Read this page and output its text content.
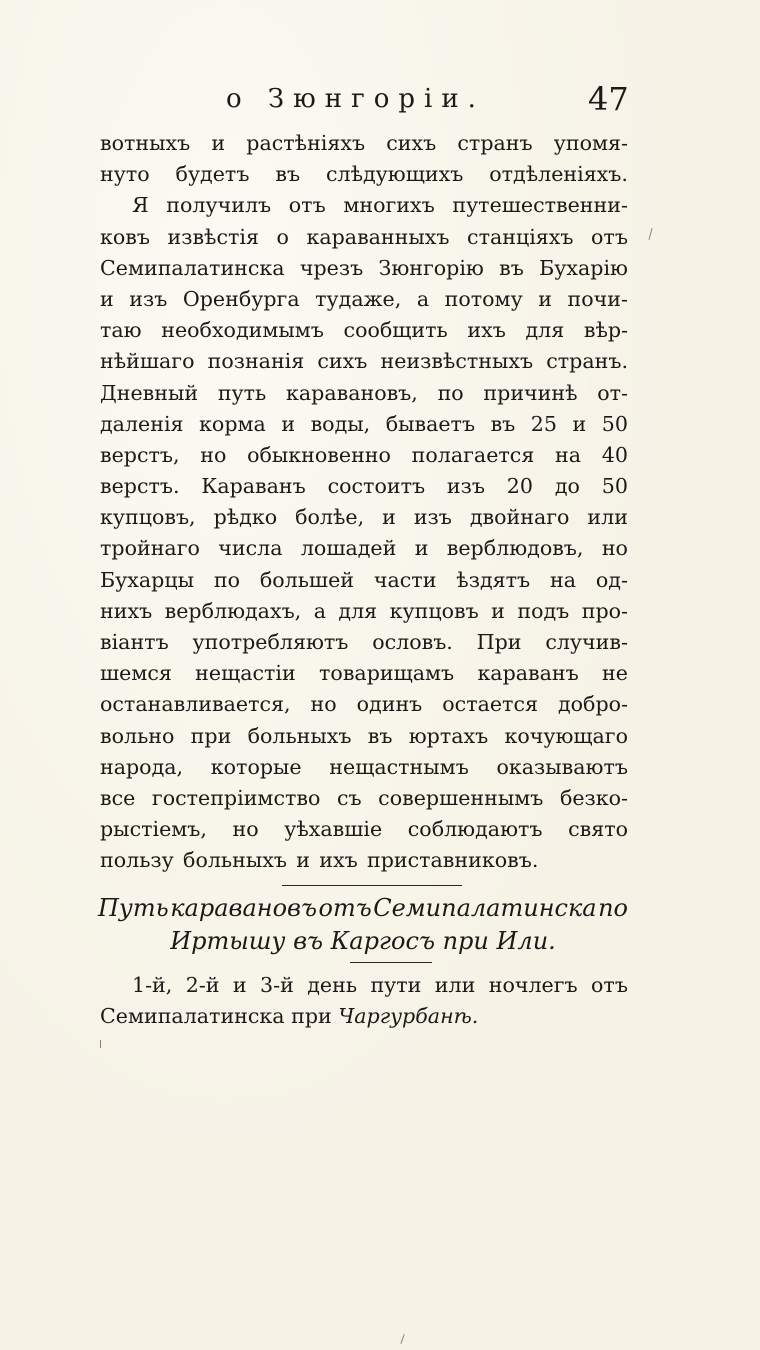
о Зюнгоріи.	47
вотныхъ и растѣніяхъ сихъ странъ упомя-
нуто будетъ въ слѣдующихъ отдѣленіяхъ.
Я получилъ отъ многихъ путешественни-
ковъ извѣстія о караванныхъ станціяхъ отъ
Семипалатинска чрезъ Зюнгорію въ Бухарію
и изъ Оренбурга тудаже, а потому и почи-
таю необходимымъ сообщить ихъ для вѣр-
нѣйшаго познанія сихъ неизвѣстныхъ странъ.
Дневный путь каравановъ, по причинѣ от-
даленія корма и воды, бываетъ въ 25 и 50
верстъ, но обыкновенно полагается на 40
верстъ. Караванъ состоитъ изъ 20 до 50
купцовъ, рѣдко болѣе, и изъ двойнаго или
тройнаго числа лошадей и верблюдовъ, но
Бухарцы по большей части ѣздятъ на од-
нихъ верблюдахъ, а для купцовъ и подъ про-
віантъ употребляютъ ословъ. При случив-
шемся нещастіи товарищамъ караванъ не
останавливается, но одинъ остается добро-
вольно при больныхъ въ юртахъ кочующаго
народа, которые нещастнымъ оказываютъ
все гостепріимство съ совершеннымъ безко-
рыстіемъ, но уѣхавшіе соблюдаютъ свято
пользу больныхъ и ихъ приставниковъ.
Путь каравановъ отъ Семипалатинска по
Иртышу въ Каргосъ при Или.
1-й, 2-й и 3-й день пути или ночлегъ отъ
Семипалатинска при Чаргурбанѣ.
